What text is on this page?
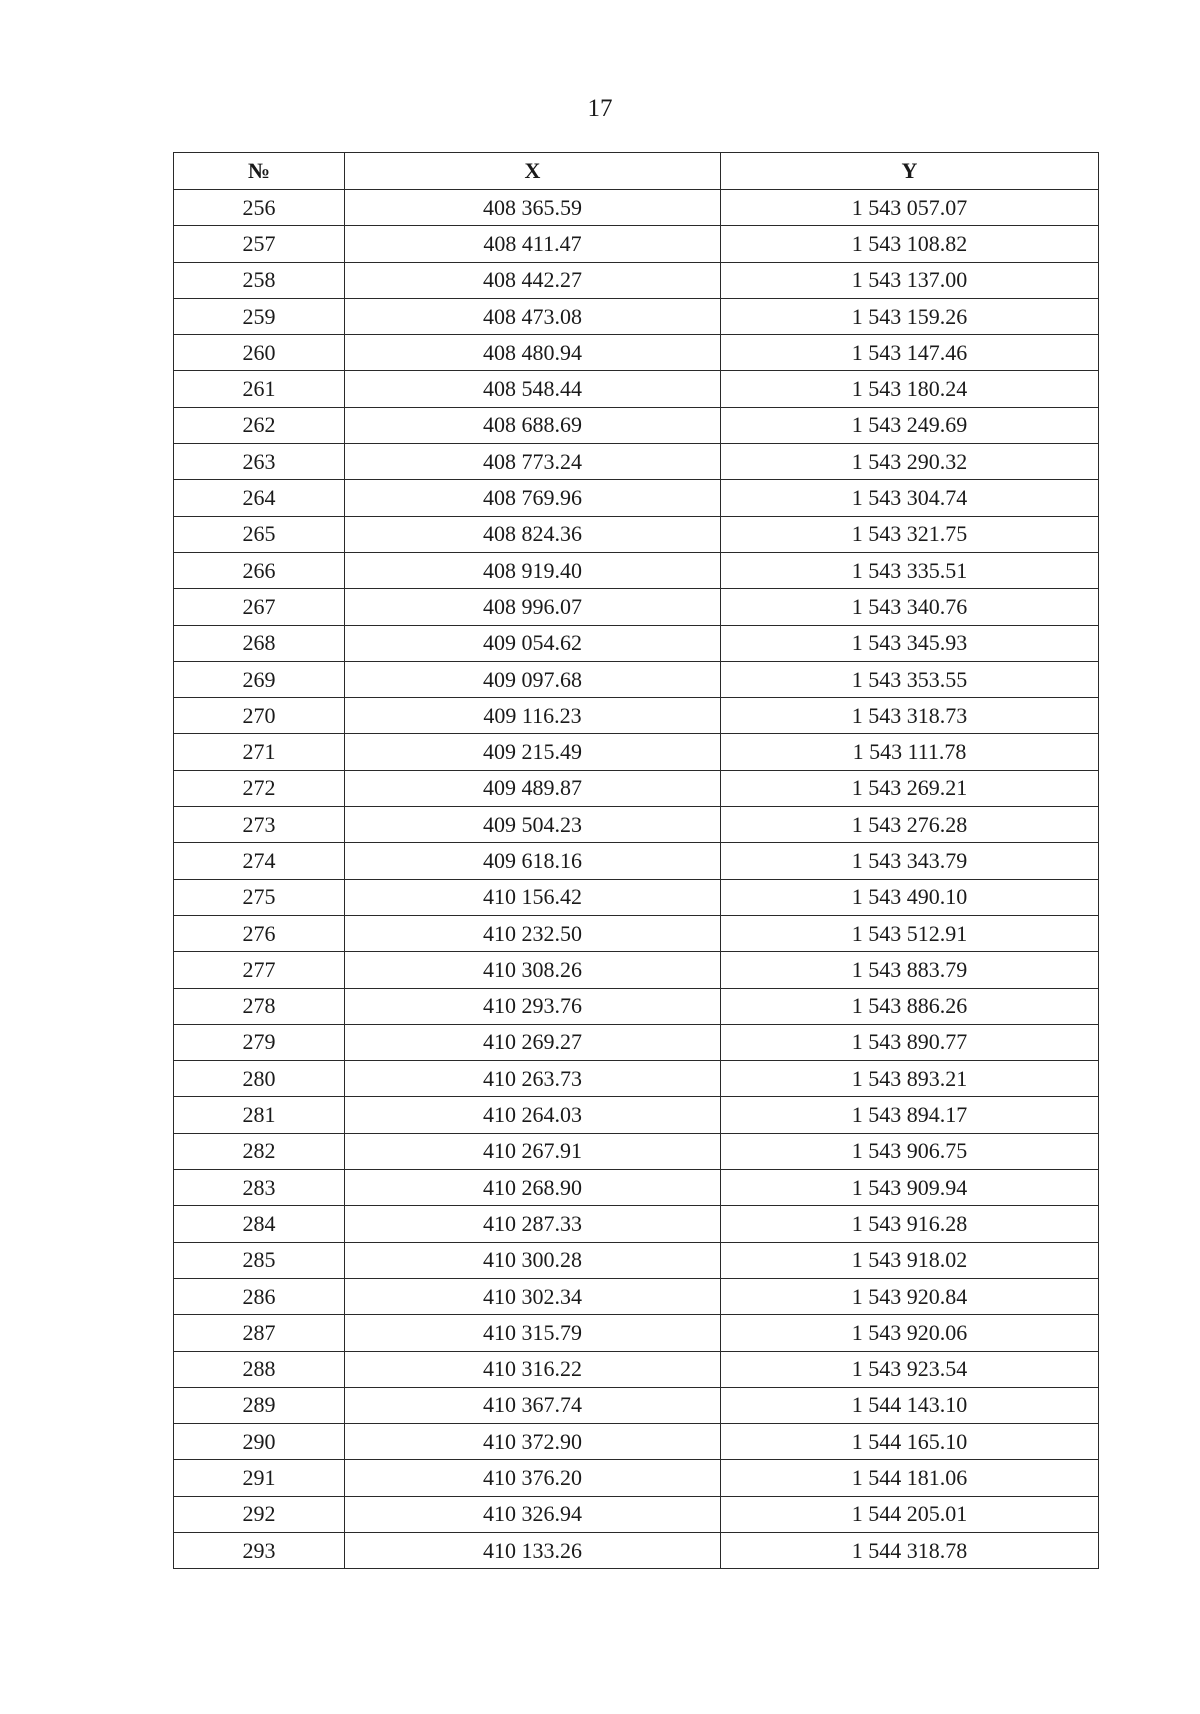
17
№	X	Y
256	408 365.59	1 543 057.07
257	408 411.47	1 543 108.82
258	408 442.27	1 543 137.00
259	408 473.08	1 543 159.26
260	408 480.94	1 543 147.46
261	408 548.44	1 543 180.24
262	408 688.69	1 543 249.69
263	408 773.24	1 543 290.32
264	408 769.96	1 543 304.74
265	408 824.36	1 543 321.75
266	408 919.40	1 543 335.51
267	408 996.07	1 543 340.76
268	409 054.62	1 543 345.93
269	409 097.68	1 543 353.55
270	409 116.23	1 543 318.73
271	409 215.49	1 543 111.78
272	409 489.87	1 543 269.21
273	409 504.23	1 543 276.28
274	409 618.16	1 543 343.79
275	410 156.42	1 543 490.10
276	410 232.50	1 543 512.91
277	410 308.26	1 543 883.79
278	410 293.76	1 543 886.26
279	410 269.27	1 543 890.77
280	410 263.73	1 543 893.21
281	410 264.03	1 543 894.17
282	410 267.91	1 543 906.75
283	410 268.90	1 543 909.94
284	410 287.33	1 543 916.28
285	410 300.28	1 543 918.02
286	410 302.34	1 543 920.84
287	410 315.79	1 543 920.06
288	410 316.22	1 543 923.54
289	410 367.74	1 544 143.10
290	410 372.90	1 544 165.10
291	410 376.20	1 544 181.06
292	410 326.94	1 544 205.01
293	410 133.26	1 544 318.78
